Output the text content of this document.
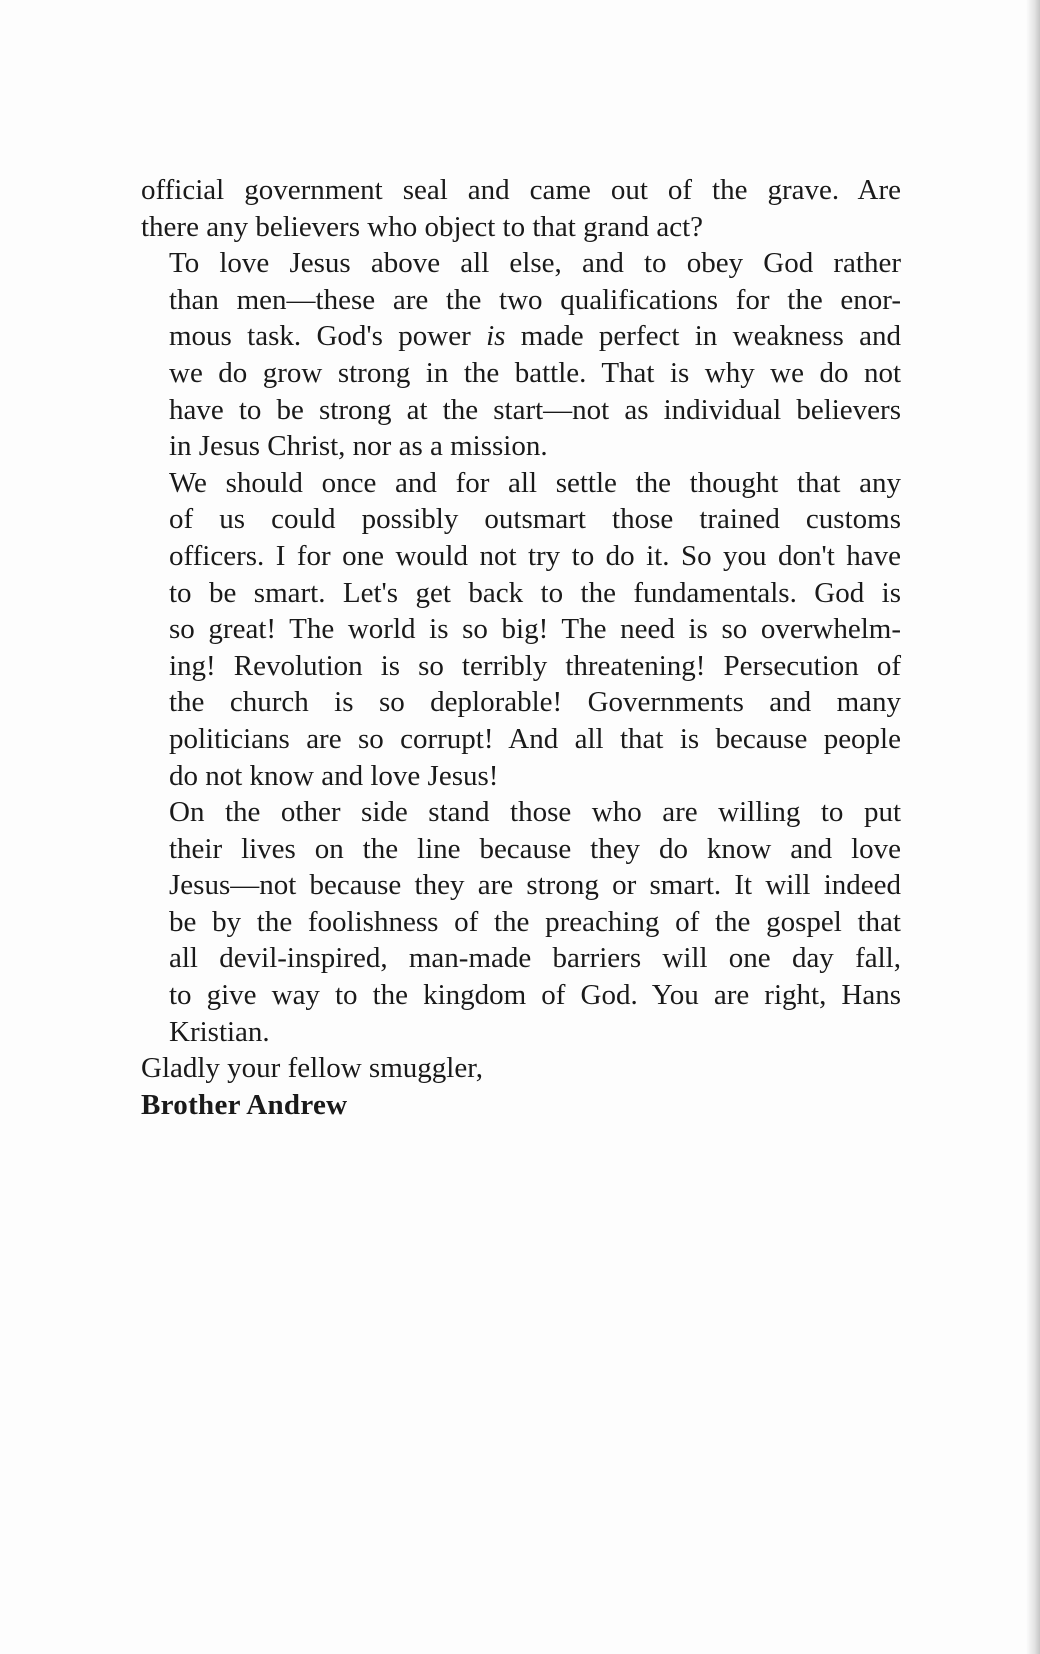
official government seal and came out of the grave. Are
there any believers who object to that grand act?
To love Jesus above all else, and to obey God rather
than men—these are the two qualifications for the enor-
mous task. God's power is made perfect in weakness and
we do grow strong in the battle. That is why we do not
have to be strong at the start—not as individual believers
in Jesus Christ, nor as a mission.
We should once and for all settle the thought that any
of us could possibly outsmart those trained customs
officers. I for one would not try to do it. So you don't have
to be smart. Let's get back to the fundamentals. God is
so great! The world is so big! The need is so overwhelm-
ing! Revolution is so terribly threatening! Persecution of
the church is so deplorable! Governments and many
politicians are so corrupt! And all that is because people
do not know and love Jesus!
On the other side stand those who are willing to put
their lives on the line because they do know and love
Jesus—not because they are strong or smart. It will indeed
be by the foolishness of the preaching of the gospel that
all devil-inspired, man-made barriers will one day fall,
to give way to the kingdom of God. You are right, Hans
Kristian.
Gladly your fellow smuggler,
Brother Andrew
